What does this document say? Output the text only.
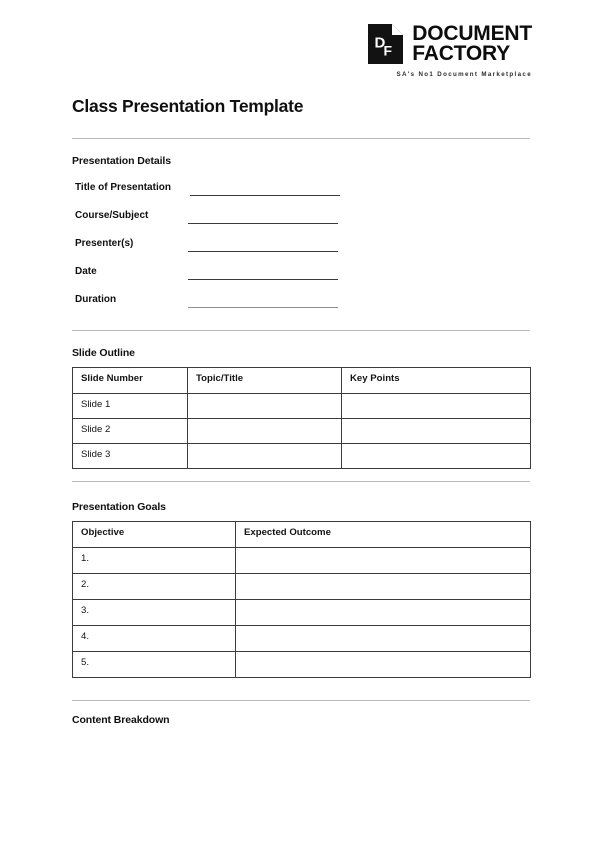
D
F
DOCUMENT
FACTORY
SA's No1 Document Marketplace
Class Presentation Template
Presentation Details
Title of Presentation
Course/Subject
Presenter(s)
Date
Duration
Slide Outline
Slide Number	Topic/Title	Key Points
Slide 1		
Slide 2		
Slide 3		
Presentation Goals
Objective	Expected Outcome
1.	
2.	
3.	
4.	
5.	
Content Breakdown
